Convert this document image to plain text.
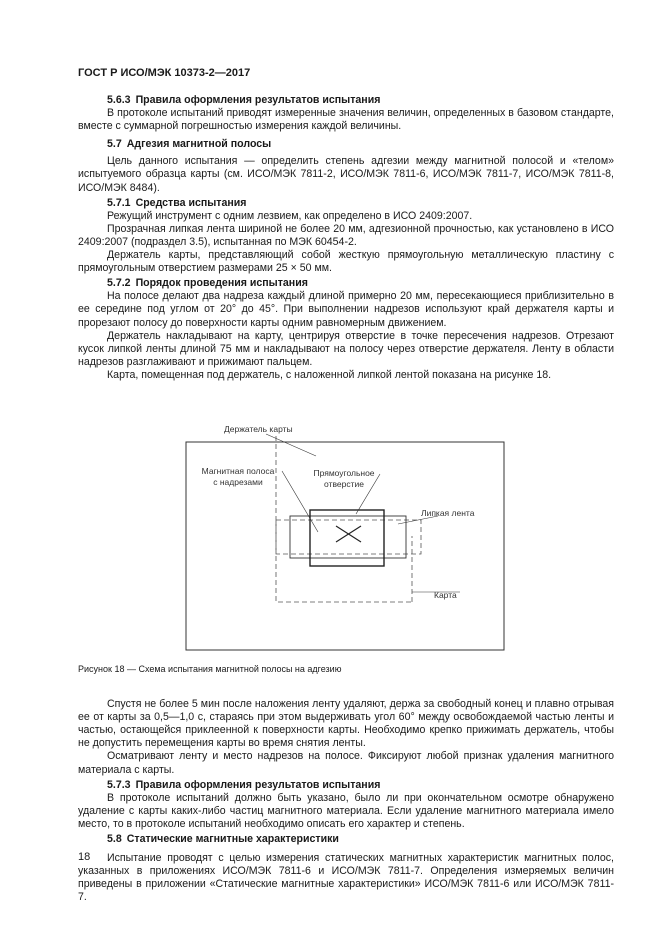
ГОСТ Р ИСО/МЭК 10373-2—2017

5.6.3 Правила оформления результатов испытания

В протоколе испытаний приводят измеренные значения величин, определенных в базовом стандарте, вместе с суммарной погрешностью измерения каждой величины.

5.7 Адгезия магнитной полосы

Цель данного испытания — определить степень адгезии между магнитной полосой и «телом» испытуемого образца карты (см. ИСО/МЭК 7811-2, ИСО/МЭК 7811-6, ИСО/МЭК 7811-7, ИСО/МЭК 7811-8, ИСО/МЭК 8484).

5.7.1 Средства испытания

Режущий инструмент с одним лезвием, как определено в ИСО 2409:2007.

Прозрачная липкая лента шириной не более 20 мм, адгезионной прочностью, как установлено в ИСО 2409:2007 (подраздел 3.5), испытанная по МЭК 60454-2.

Держатель карты, представляющий собой жесткую прямоугольную металлическую пластину с прямоугольным отверстием размерами 25 × 50 мм.

5.7.2 Порядок проведения испытания

На полосе делают два надреза каждый длиной примерно 20 мм, пересекающиеся приблизительно в ее середине под углом от 20° до 45°. При выполнении надрезов используют край держателя карты и прорезают полосу до поверхности карты одним равномерным движением.

Держатель накладывают на карту, центрируя отверстие в точке пересечения надрезов. Отрезают кусок липкой ленты длиной 75 мм и накладывают на полосу через отверстие держателя. Ленту в области надрезов разглаживают и прижимают пальцем.

Карта, помещенная под держатель, с наложенной липкой лентой показана на рисунке 18.

Держатель карты
Магнитная полоса
с надрезами
Прямоугольное
отверстие
Липкая лента
Карта

Рисунок 18 — Схема испытания магнитной полосы на адгезию

Спустя не более 5 мин после наложения ленту удаляют, держа за свободный конец и плавно отрывая ее от карты за 0,5—1,0 с, стараясь при этом выдерживать угол 60° между освобождаемой частью ленты и частью, остающейся приклеенной к поверхности карты. Необходимо крепко прижимать держатель, чтобы не допустить перемещения карты во время снятия ленты.

Осматривают ленту и место надрезов на полосе. Фиксируют любой признак удаления магнитного материала с карты.

5.7.3 Правила оформления результатов испытания

В протоколе испытаний должно быть указано, было ли при окончательном осмотре обнаружено удаление с карты каких-либо частиц магнитного материала. Если удаление магнитного материала имело место, то в протоколе испытаний необходимо описать его характер и степень.

5.8 Статические магнитные характеристики

Испытание проводят с целью измерения статических магнитных характеристик магнитных полос, указанных в приложениях ИСО/МЭК 7811-6 и ИСО/МЭК 7811-7. Определения измеряемых величин приведены в приложении «Статические магнитные характеристики» ИСО/МЭК 7811-6 или ИСО/МЭК 7811-7.

18
